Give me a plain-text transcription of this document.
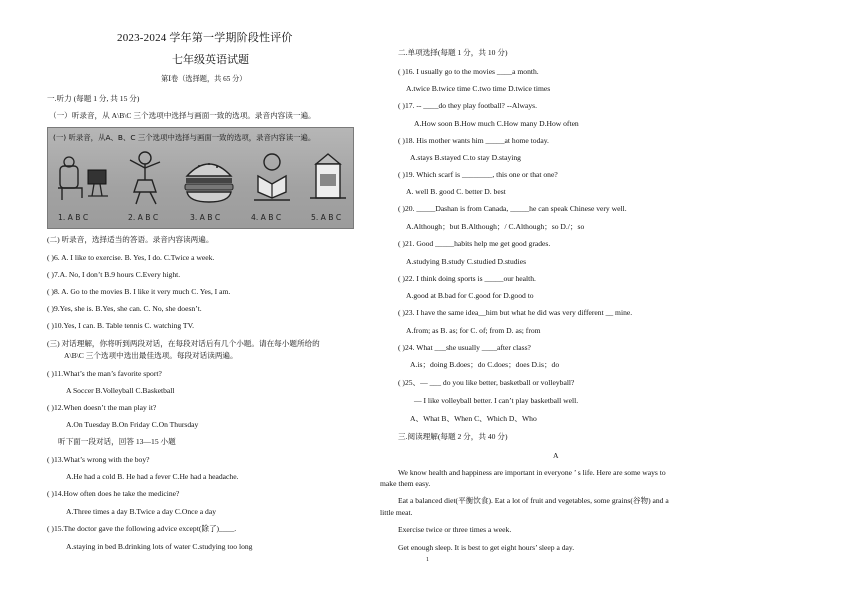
2023-2024 学年第一学期阶段性评价
七年级英语试题
第Ⅰ卷（选择题，共 65 分）
一.听力 (每题 1 分, 共 15 分)
（一）听录音，从 A\B\C 三个选项中选择与画面一致的选项。录音内容读一遍。
(一) 听录音，从A、B、C 三个选项中选择与画面一致的选项，录音内容读一遍。
1. A B C	2. A B C	3. A B C	4. A B C	5. A B C
(二) 听录音，选择适当的答语。录音内容读两遍。
( )6. A. I like to exercise. B. Yes, I do. C.Twice a week.
( )7.A. No, I don’t B.9 hours C.Every hight.
( )8. A. Go to the movies B. I like it very much C. Yes, I am.
( )9.Yes, she is. B.Yes, she can. C. No, she doesn’t.
( )10.Yes, I can. B. Table tennis C. watching TV.
(三) 对话理解，你将听到两段对话，在每段对话后有几个小题。请在每小题所给的
A\B\C 三个选项中选出最佳选项。每段对话读两遍。
( )11.What’s the man’s favorite sport?
A Soccer B.Volleyball C.Basketball
( )12.When doesn’t the man play it?
A.On Tuesday B.On Friday C.On Thursday
听下面一段对话，回答 13—15 小题
( )13.What’s wrong with the boy?
A.He had a cold B. He had a fever C.He had a headache.
( )14.How often does he take the medicine?
A.Three times a day B.Twice a day C.Once a day
( )15.The doctor gave the following advice except(除了)____.
A.staying in bed B.drinking lots of water C.studying too long
二.单项选择(每题 1 分，共 10 分)
( )16. I usually go to the movies ____a month.
A.twice B.twice time C.two time D.twice times
( )17. -- ____do they play football? --Always.
A.How soon B.How much C.How many D.How often
( )18. His mother wants him _____at home today.
A.stays B.stayed C.to stay D.staying
( )19. Which scarf is ________, this one or that one?
A. well B. good C. better D. best
( )20. _____Dashan is from Canada, _____he can speak Chinese very well.
A.Although；but B.Although；/ C.Although；so D./；so
( )21. Good _____habits help me get good grades.
A.studying B.study C.studied D.studies
( )22. I think doing sports is _____our health.
A.good at B.bad for C.good for D.good to
( )23. I have the same idea__him but what he did was very different __ mine.
A.from; as B. as; for C. of; from D. as; from
( )24. What ___she usually ____after class?
A.is；doing B.does；do C.does；does D.is；do
( )25、— ___ do you like better, basketball or volleyball?
— I like volleyball better. I can’t play basketball well.
A、What B、When C、Which D、Who
三.阅读理解(每题 2 分，共 40 分)
A
We know health and happiness are important in everyone ’ s life. Here are some ways to
make them easy.
Eat a balanced diet(平衡饮食). Eat a lot of fruit and vegetables, some grains(谷物) and a
little meat.
Exercise twice or three times a week.
Get enough sleep. It is best to get eight hours’ sleep a day.
1
